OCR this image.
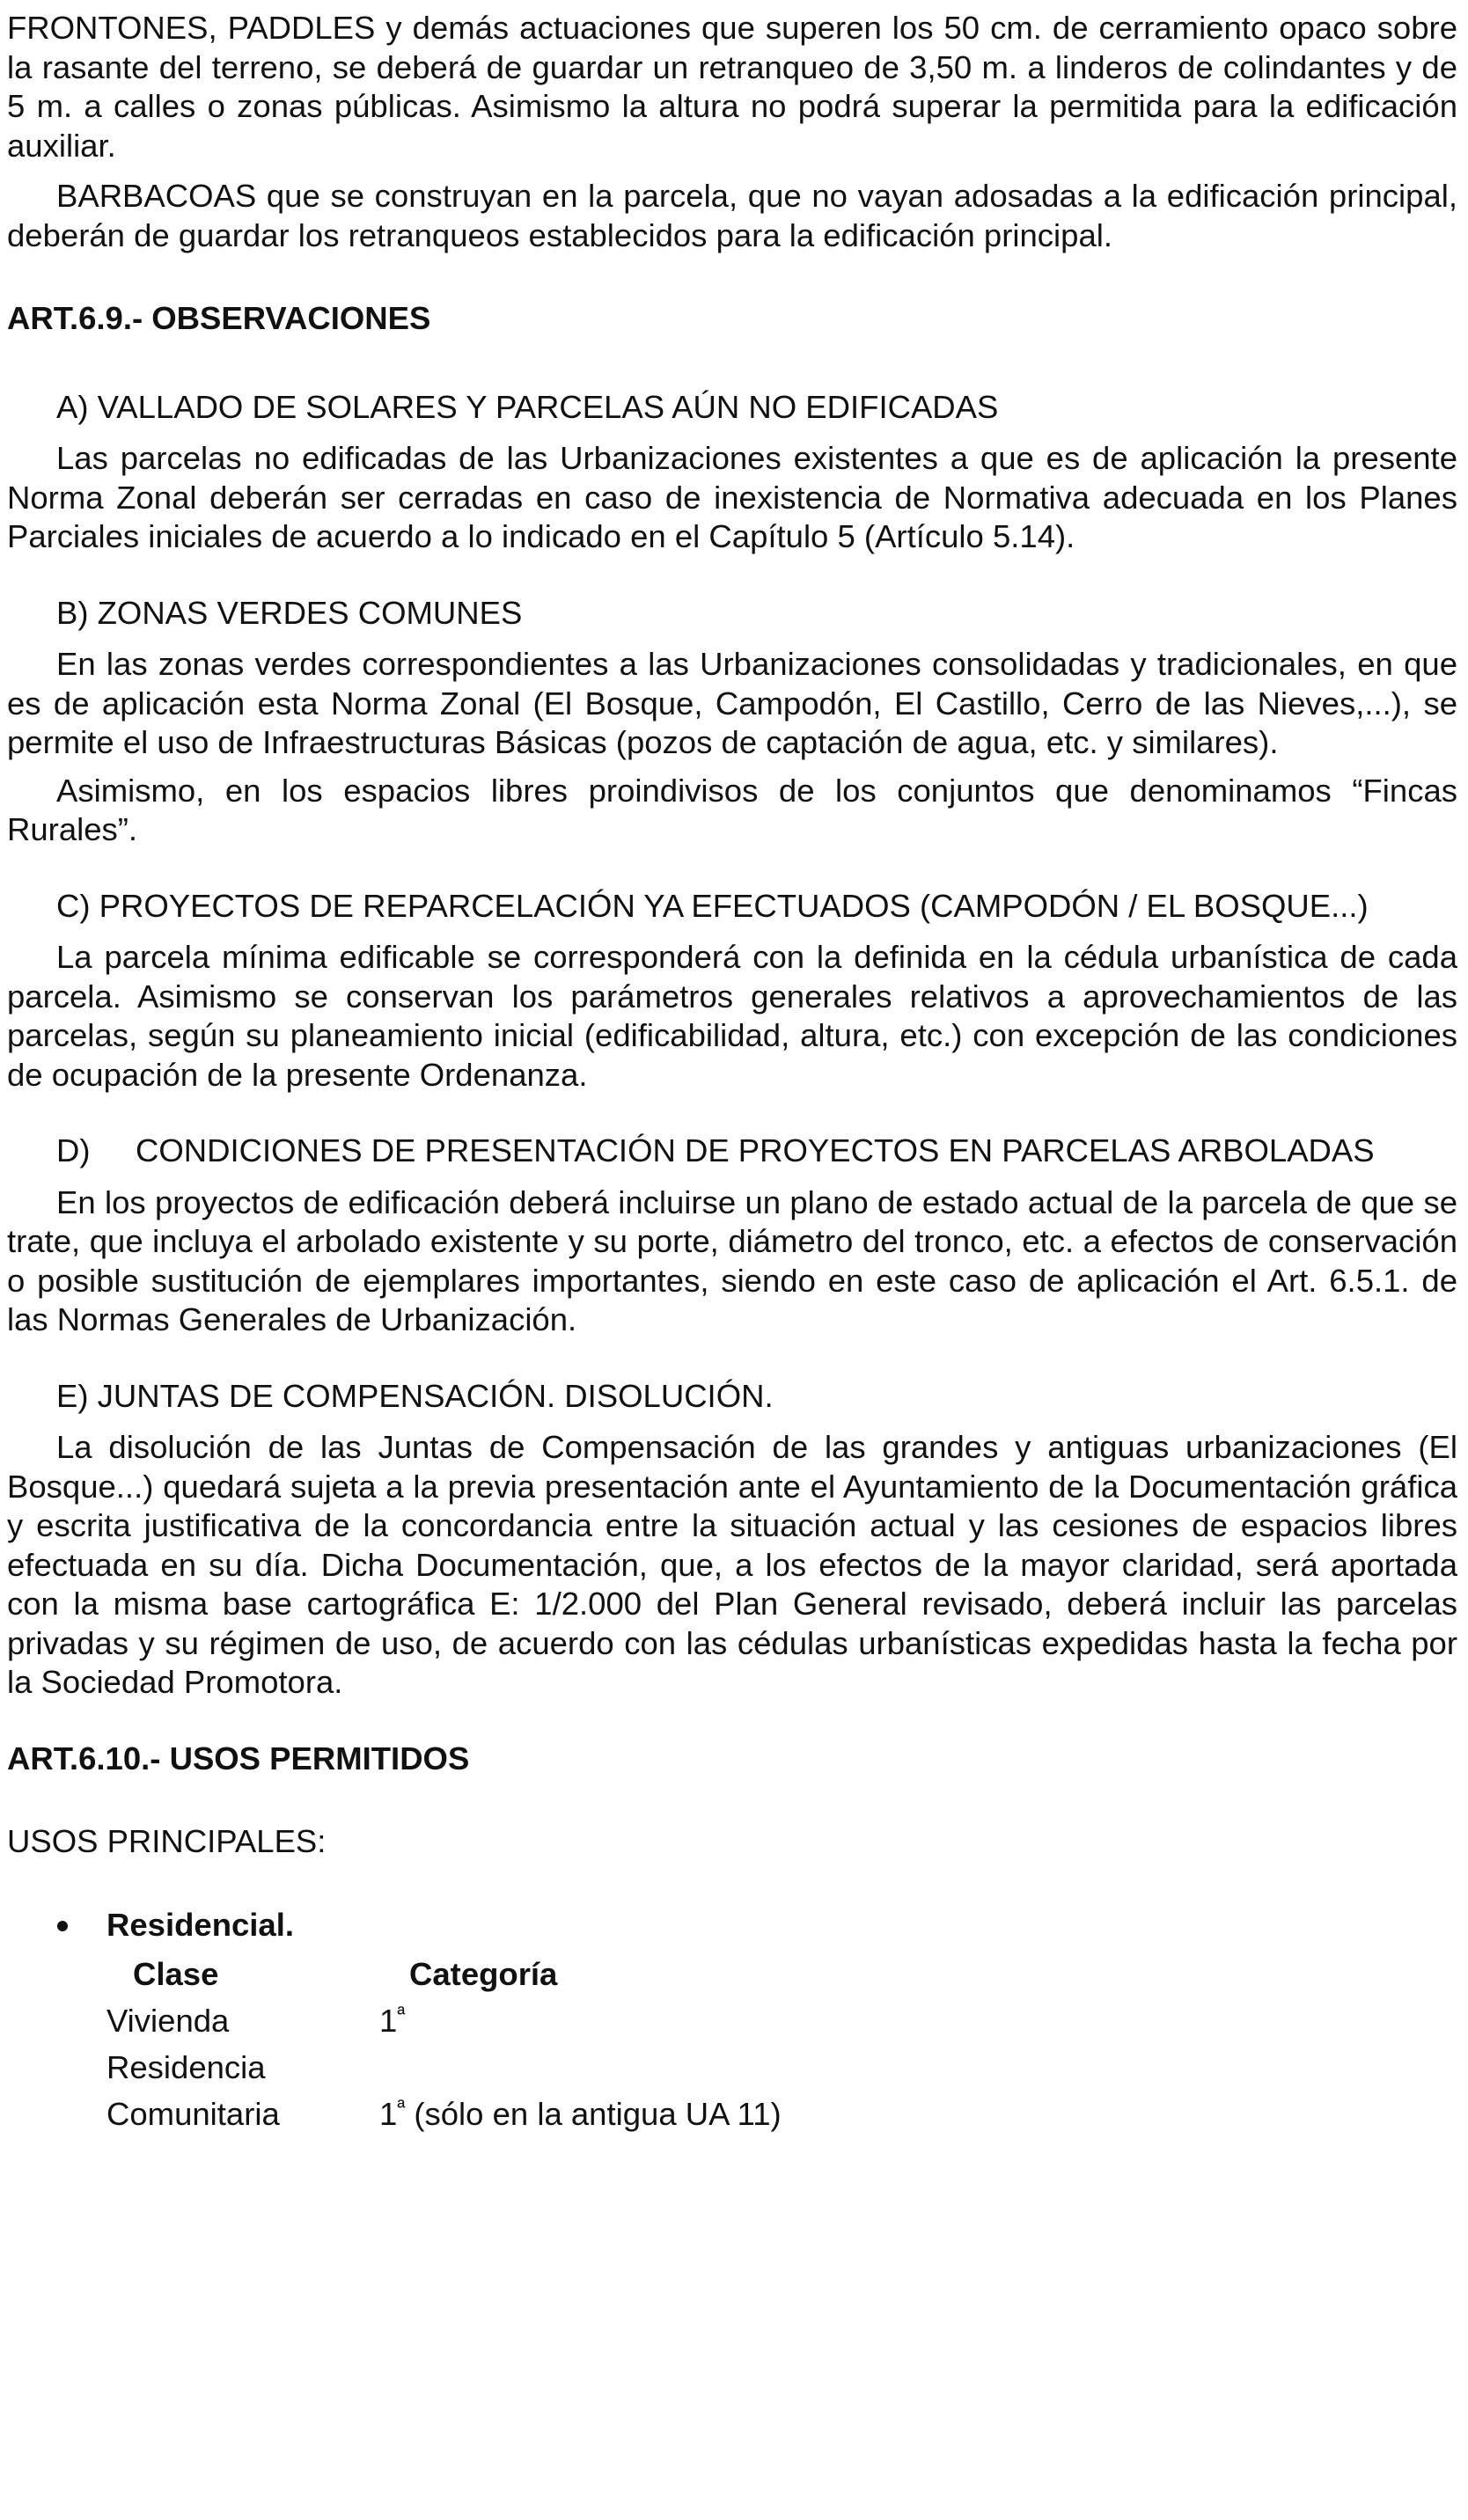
FRONTONES, PADDLES y demás actuaciones que superen los 50 cm. de cerramiento opaco sobre la rasante del terreno, se deberá de guardar un retranqueo de 3,50 m. a linderos de colindantes y de 5 m. a calles o zonas públicas. Asimismo la altura no podrá superar la permitida para la edificación auxiliar.

BARBACOAS que se construyan en la parcela, que no vayan adosadas a la edificación principal, deberán de guardar los retranqueos establecidos para la edificación principal.

ART.6.9.- OBSERVACIONES

A) VALLADO DE SOLARES Y PARCELAS AÚN NO EDIFICADAS

Las parcelas no edificadas de las Urbanizaciones existentes a que es de aplicación la presente Norma Zonal deberán ser cerradas en caso de inexistencia de Normativa adecuada en los Planes Parciales iniciales de acuerdo a lo indicado en el Capítulo 5 (Artículo 5.14).

B) ZONAS VERDES COMUNES

En las zonas verdes correspondientes a las Urbanizaciones consolidadas y tradicionales, en que es de aplicación esta Norma Zonal (El Bosque, Campodón, El Castillo, Cerro de las Nieves,...), se permite el uso de Infraestructuras Básicas (pozos de captación de agua, etc. y similares).

Asimismo, en los espacios libres proindivisos de los conjuntos que denominamos “Fincas Rurales”.

C) PROYECTOS DE REPARCELACIÓN YA EFECTUADOS (CAMPODÓN / EL BOSQUE...)

La parcela mínima edificable se corresponderá con la definida en la cédula urbanística de cada parcela. Asimismo se conservan los parámetros generales relativos a aprovechamientos de las parcelas, según su planeamiento inicial (edificabilidad, altura, etc.) con excepción de las condiciones de ocupación de la presente Ordenanza.

D) CONDICIONES DE PRESENTACIÓN DE PROYECTOS EN PARCELAS ARBOLADAS

En los proyectos de edificación deberá incluirse un plano de estado actual de la parcela de que se trate, que incluya el arbolado existente y su porte, diámetro del tronco, etc. a efectos de conservación o posible sustitución de ejemplares importantes, siendo en este caso de aplicación el Art. 6.5.1. de las Normas Generales de Urbanización.

E) JUNTAS DE COMPENSACIÓN. DISOLUCIÓN.

La disolución de las Juntas de Compensación de las grandes y antiguas urbanizaciones (El Bosque...) quedará sujeta a la previa presentación ante el Ayuntamiento de la Documentación gráfica y escrita justificativa de la concordancia entre la situación actual y las cesiones de espacios libres efectuada en su día. Dicha Documentación, que, a los efectos de la mayor claridad, será aportada con la misma base cartográfica E: 1/2.000 del Plan General revisado, deberá incluir las parcelas privadas y su régimen de uso, de acuerdo con las cédulas urbanísticas expedidas hasta la fecha por la Sociedad Promotora.

ART.6.10.- USOS PERMITIDOS

USOS PRINCIPALES:

Residencial.
Clase	Categoría
Vivienda	$1^ª$
Residencia	
Comunitaria	$1^ª$ (sólo en la antigua UA 11)
